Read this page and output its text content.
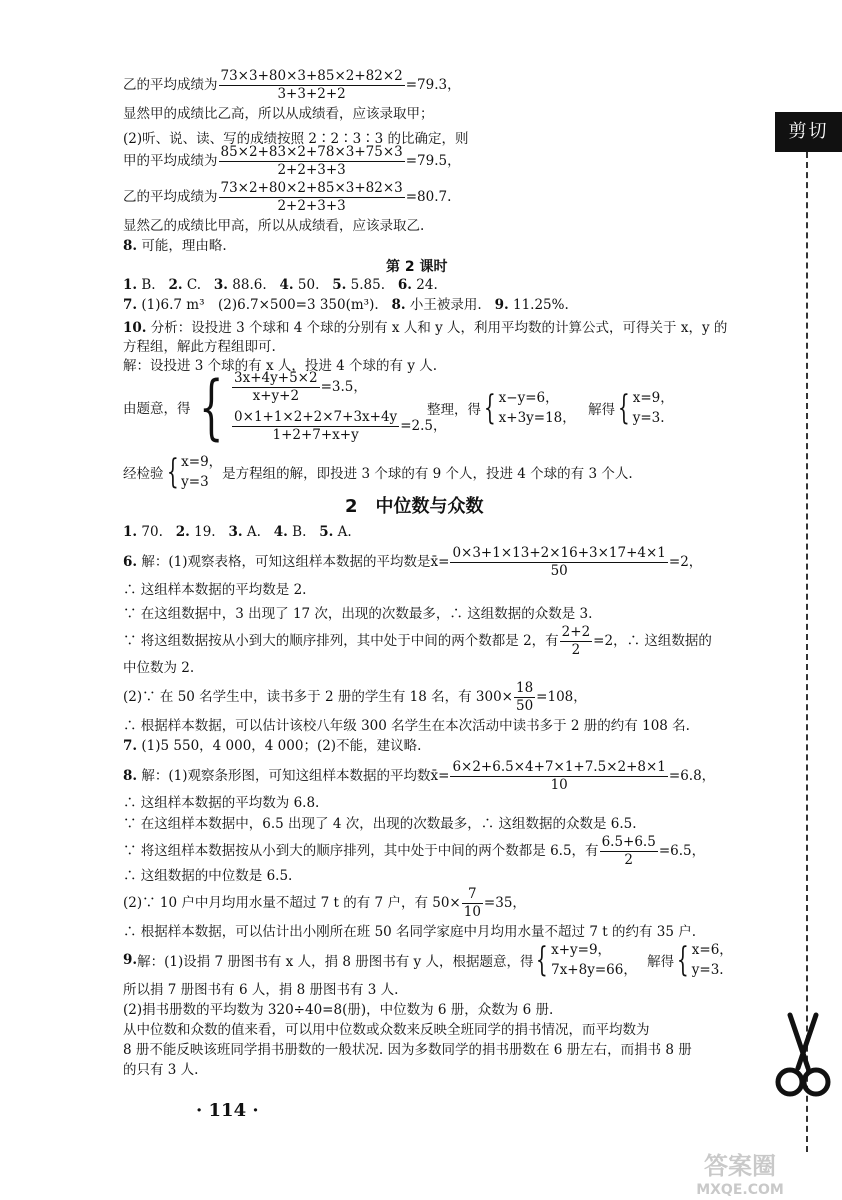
剪切
乙的平均成绩为 $\frac{73\times 3+80\times 3+85\times 2+82\times 2}{3+3+2+2} =79.3$，
显然甲的成绩比乙高，所以从成绩看，应该录取甲；
(2)听、说、读、写的成绩按照 2∶2∶3∶3 的比确定，则
甲的平均成绩为 $\frac{85\times 2+83\times 2+78\times 3+75\times 3}{2+2+3+3} =79.5$，
乙的平均成绩为 $\frac{73\times 2+80\times 2+85\times 3+82\times 3}{2+2+3+3} =80.7$.
显然乙的成绩比甲高，所以从成绩看，应该录取乙.
8. 可能，理由略.
第 2 课时
1. B. 2. C. 3. 88.6. 4. 50. 5. 5.85. 6. 24.
7. (1)6.7 m³　(2)6.7×500=3 350(m³). 8. 小王被录用. 9. 11.25%.
10. 分析：设投进 3 个球和 4 个球的分别有 x 人和 y 人，利用平均数的计算公式，可得关于 x，y 的
方程组，解此方程组即可.
解：设投进 3 个球的有 x 人，投进 4 个球的有 y 人.
由题意，得 { $\frac{3x+4y+5\times 2}{x+y+2} =3.5$，
$\frac{0\times 1+1\times 2+2\times 7+3x+4y}{1+2+7+x+y} =2.5$，
整理，得{ x−y=6，
x+3y=18， 解得{ x=9，
y=3.
经检验{ x=9，
y=3 是方程组的解，即投进 3 个球的有 9 个人，投进 4 个球的有 3 个人.
2　中位数与众数
1. 70. 2. 19. 3. A. 4. B. 5. A.
6. 解：(1)观察表格，可知这组样本数据的平均数是x̄= $\frac{0\times 3+1\times 13+2\times 16+3\times 17+4\times 1}{50} =2$，
∴ 这组样本数据的平均数是 2.
∵ 在这组数据中，3 出现了 17 次，出现的次数最多，∴ 这组数据的众数是 3.
∵ 将这组数据按从小到大的顺序排列，其中处于中间的两个数都是 2，有 $\frac{2+2}{2} =2$，∴ 这组数据的
中位数为 2.
(2)∵ 在 50 名学生中，读书多于 2 册的学生有 18 名，有 $300\times \frac{18}{50} =108$，
∴ 根据样本数据，可以估计该校八年级 300 名学生在本次活动中读书多于 2 册的约有 108 名.
7. (1)5 550，4 000，4 000；(2)不能，建议略.
8. 解：(1)观察条形图，可知这组样本数据的平均数x̄= $\frac{6\times 2+6.5\times 4+7\times 1+7.5\times 2+8\times 1}{10} =6.8$，
∴ 这组样本数据的平均数为 6.8.
∵ 在这组样本数据中，6.5 出现了 4 次，出现的次数最多，∴ 这组数据的众数是 6.5.
∵ 将这组样本数据按从小到大的顺序排列，其中处于中间的两个数都是 6.5，有 $\frac{6.5+6.5}{2} =6.5$，
∴ 这组数据的中位数是 6.5.
(2)∵ 10 户中月均用水量不超过 7 t 的有 7 户，有 $50\times \frac{7}{10} =35$，
∴ 根据样本数据，可以估计出小刚所在班 50 名同学家庭中月均用水量不超过 7 t 的约有 35 户.
9.解：(1)设捐 7 册图书有 x 人，捐 8 册图书有 y 人，根据题意，得{ x+y=9，
7x+8y=66， 解得{ x=6，
y=3.
所以捐 7 册图书有 6 人，捐 8 册图书有 3 人.
(2)捐书册数的平均数为 320÷40=8(册)，中位数为 6 册，众数为 6 册.
从中位数和众数的值来看，可以用中位数或众数来反映全班同学的捐书情况，而平均数为
8 册不能反映该班同学捐书册数的一般状况. 因为多数同学的捐书册数在 6 册左右，而捐书 8 册
的只有 3 人.
· 114 ·
答案圈
MXQE.COM
